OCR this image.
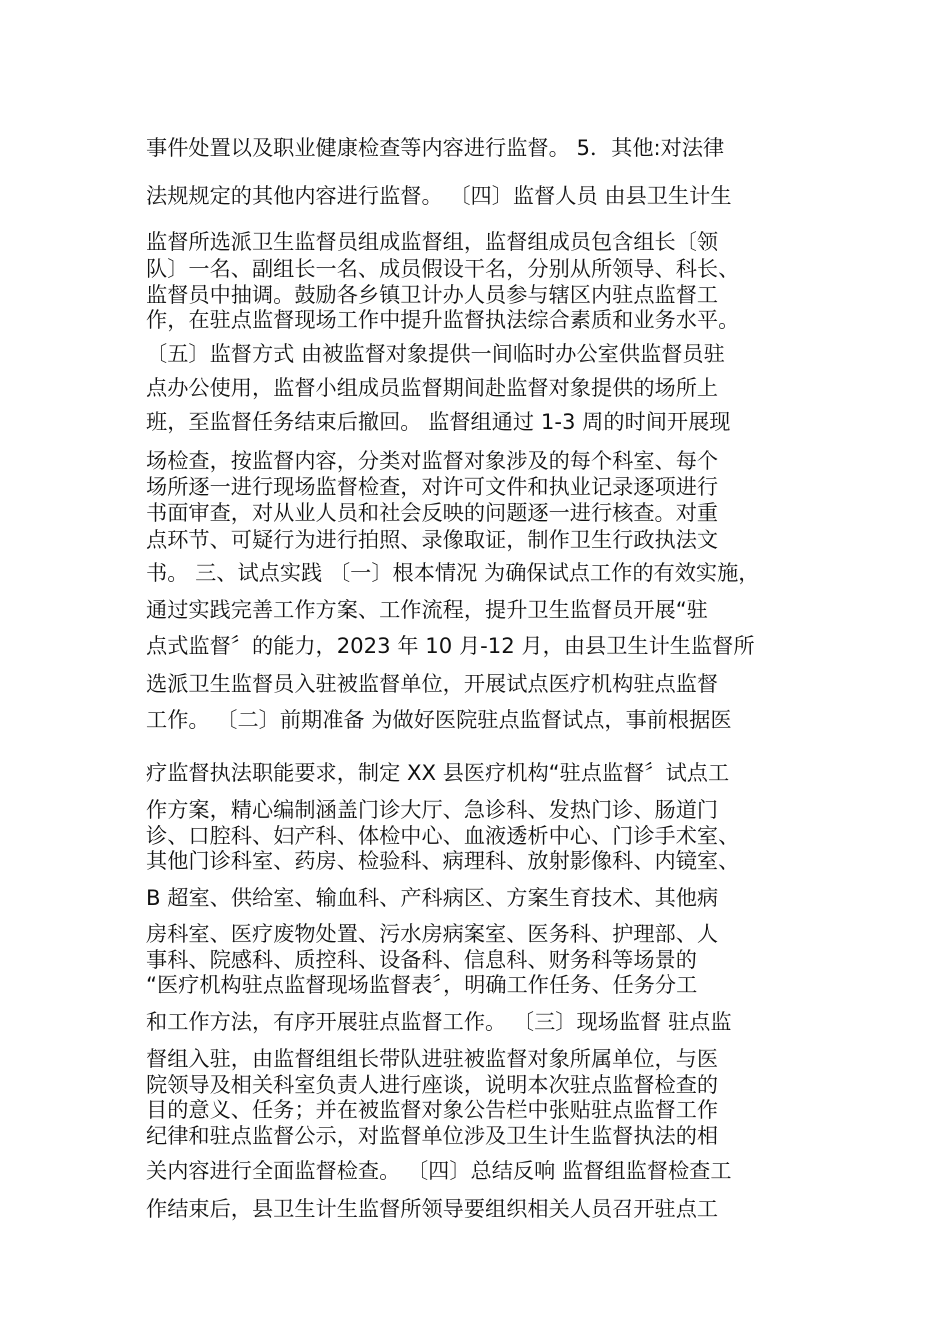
事件处置以及职业健康检查等内容进行监督。 5．其他:对法律
法规规定的其他内容进行监督。 〔四〕监督人员 由县卫生计生
监督所选派卫生监督员组成监督组，监督组成员包含组长〔领
队〕一名、副组长一名、成员假设干名，分别从所领导、科长、
监督员中抽调。鼓励各乡镇卫计办人员参与辖区内驻点监督工
作，在驻点监督现场工作中提升监督执法综合素质和业务水平。
〔五〕监督方式 由被监督对象提供一间临时办公室供监督员驻
点办公使用，监督小组成员监督期间赴监督对象提供的场所上
班，至监督任务结束后撤回。 监督组通过 1-3 周的时间开展现
场检查，按监督内容，分类对监督对象涉及的每个科室、每个
场所逐一进行现场监督检查，对许可文件和执业记录逐项进行
书面审查，对从业人员和社会反映的问题逐一进行核查。对重
点环节、可疑行为进行拍照、录像取证，制作卫生行政执法文
书。 三、试点实践 〔一〕根本情况 为确保试点工作的有效实施，
通过实践完善工作方案、工作流程，提升卫生监督员开展“驻
点式监督〞的能力，2023 年 10 月-12 月，由县卫生计生监督所
选派卫生监督员入驻被监督单位，开展试点医疗机构驻点监督
工作。 〔二〕前期准备 为做好医院驻点监督试点，事前根据医
疗监督执法职能要求，制定 XX 县医疗机构“驻点监督〞试点工
作方案，精心编制涵盖门诊大厅、急诊科、发热门诊、肠道门
诊、口腔科、妇产科、体检中心、血液透析中心、门诊手术室、
其他门诊科室、药房、检验科、病理科、放射影像科、内镜室、
B 超室、供给室、输血科、产科病区、方案生育技术、其他病
房科室、医疗废物处置、污水房病案室、医务科、护理部、人
事科、院感科、质控科、设备科、信息科、财务科等场景的
“医疗机构驻点监督现场监督表〞，明确工作任务、任务分工
和工作方法，有序开展驻点监督工作。 〔三〕现场监督 驻点监
督组入驻，由监督组组长带队进驻被监督对象所属单位，与医
院领导及相关科室负责人进行座谈，说明本次驻点监督检查的
目的意义、任务；并在被监督对象公告栏中张贴驻点监督工作
纪律和驻点监督公示，对监督单位涉及卫生计生监督执法的相
关内容进行全面监督检查。 〔四〕总结反响 监督组监督检查工
作结束后，县卫生计生监督所领导要组织相关人员召开驻点工
